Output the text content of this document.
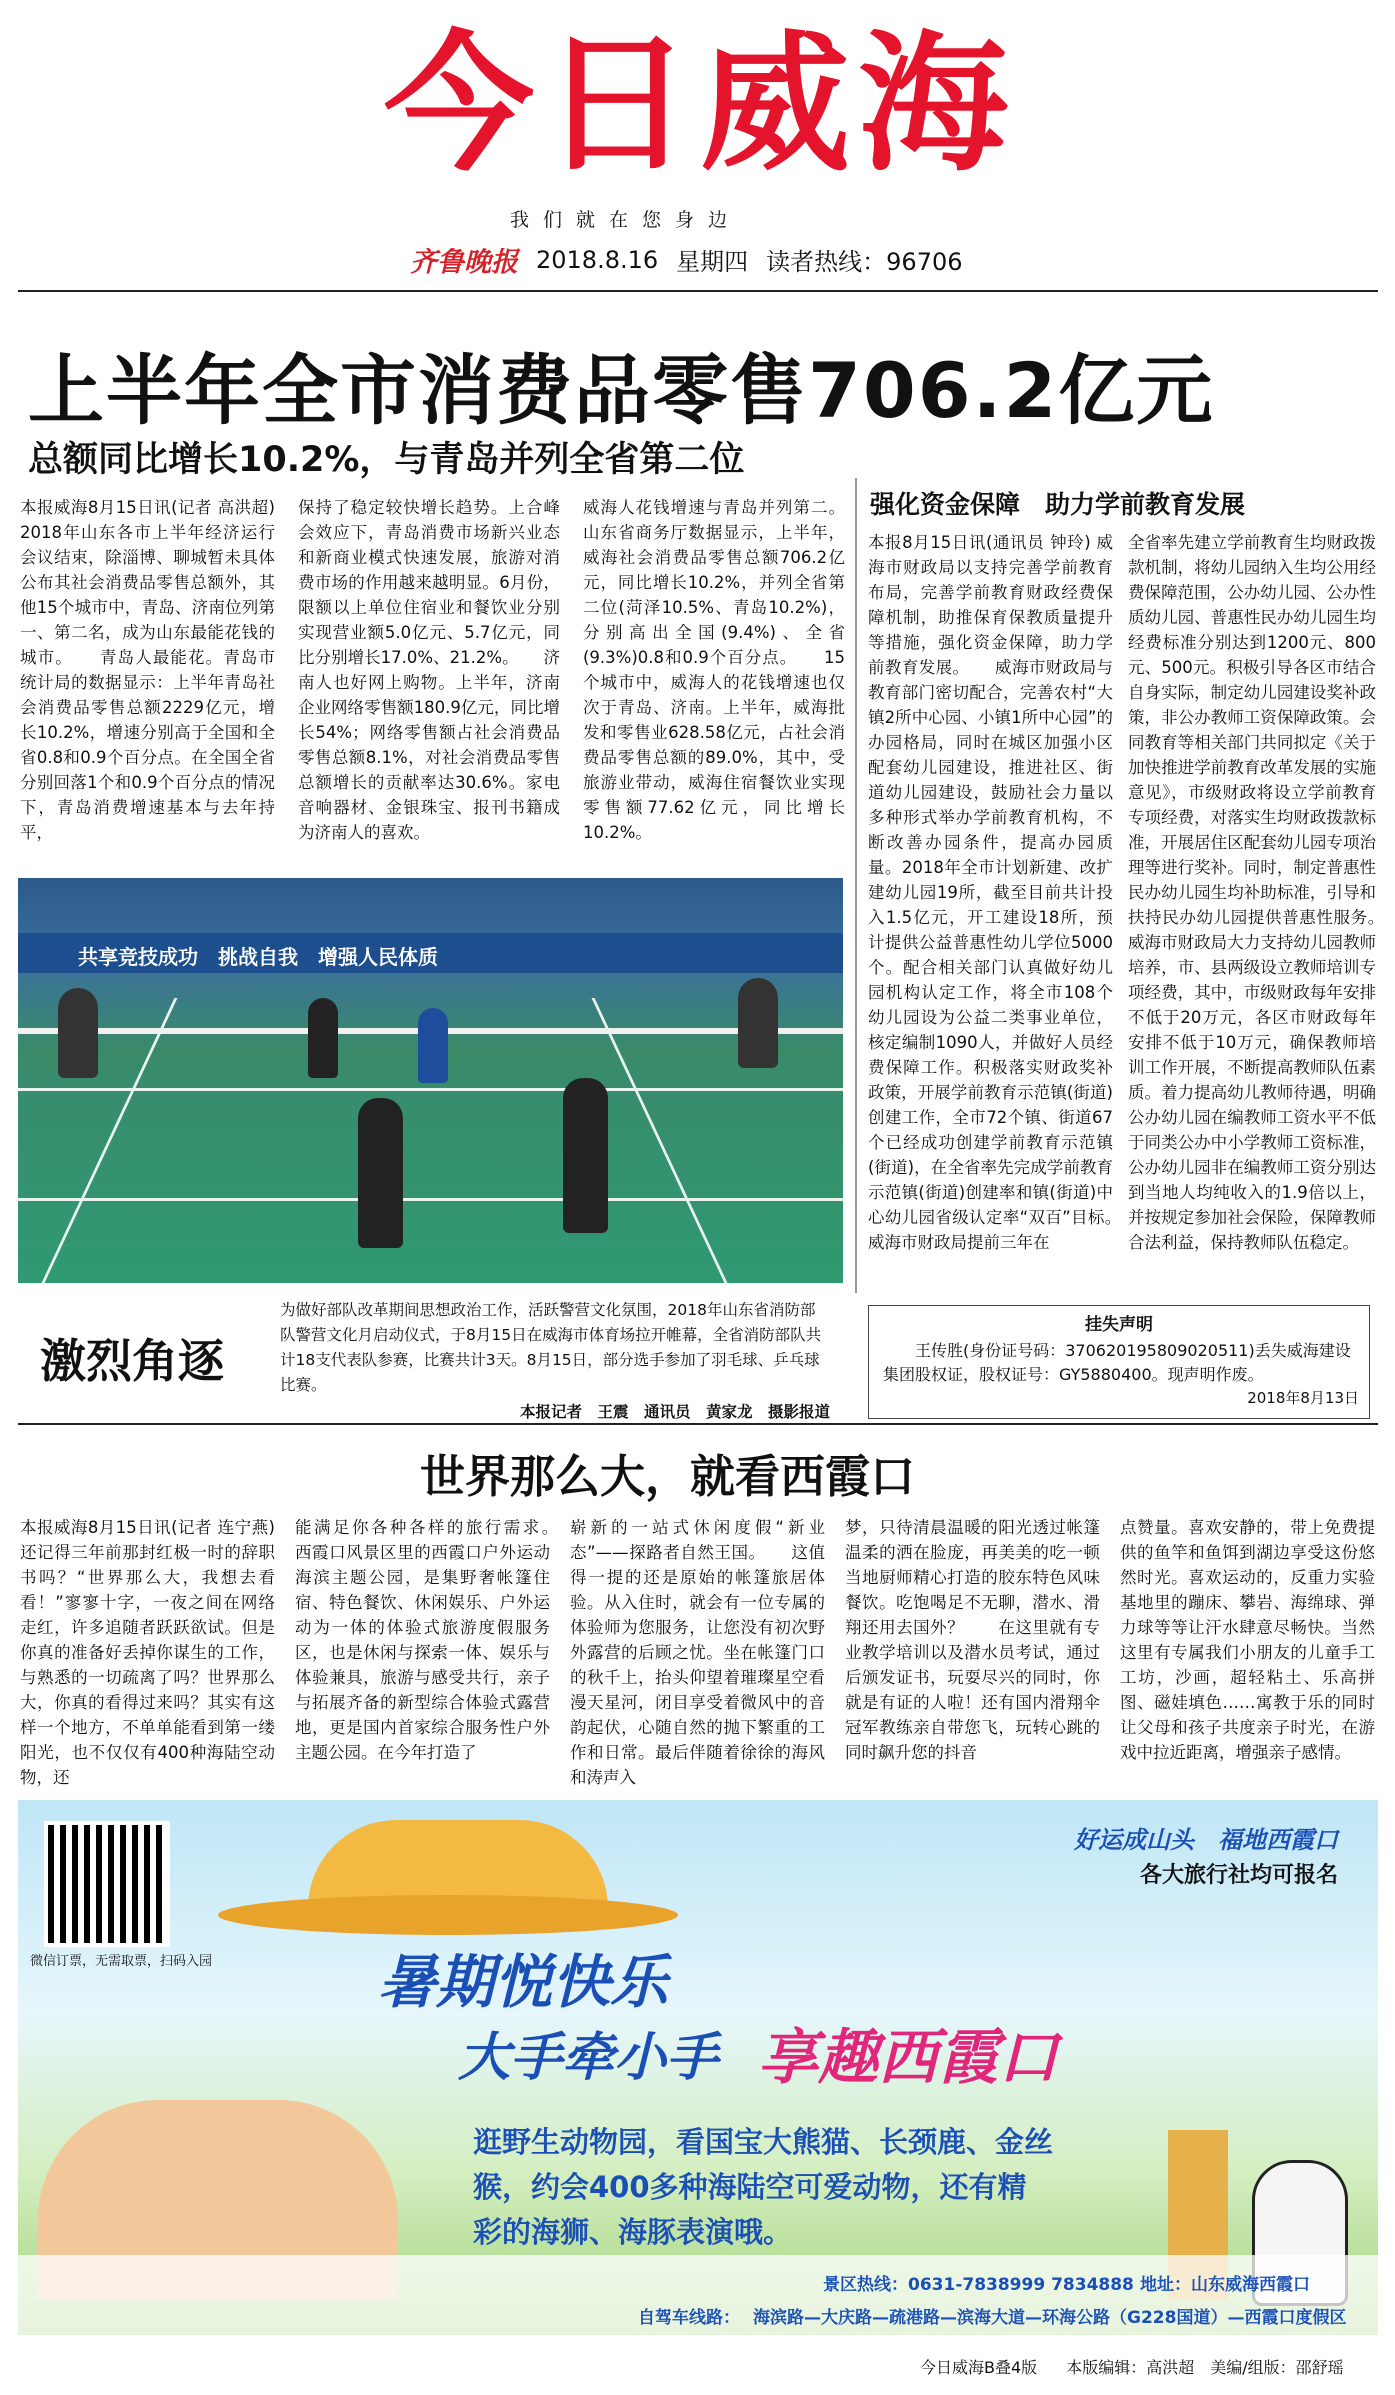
今日威海
我们就在您身边
齐鲁晚报 2018.8.16 星期四 读者热线：96706
上半年全市消费品零售706.2亿元
总额同比增长10.2%，与青岛并列全省第二位

本报威海8月15日讯(记者 高洪超) 2018年山东各市上半年经济运行会议结束，除淄博、聊城暂未具体公布其社会消费品零售总额外，其他15个城市中，青岛、济南位列第一、第二名，成为山东最能花钱的城市。　　青岛人最能花。青岛市统计局的数据显示：上半年青岛社会消费品零售总额2229亿元，增长10.2%，增速分别高于全国和全省0.8和0.9个百分点。在全国全省分别回落1个和0.9个百分点的情况下，青岛消费增速基本与去年持平，

保持了稳定较快增长趋势。上合峰会效应下，青岛消费市场新兴业态和新商业模式快速发展，旅游对消费市场的作用越来越明显。6月份，限额以上单位住宿业和餐饮业分别实现营业额5.0亿元、5.7亿元，同比分别增长17.0%、21.2%。　　济南人也好网上购物。上半年，济南企业网络零售额180.9亿元，同比增长54%；网络零售额占社会消费品零售总额8.1%，对社会消费品零售总额增长的贡献率达30.6%。家电音响器材、金银珠宝、报刊书籍成为济南人的喜欢。

威海人花钱增速与青岛并列第二。山东省商务厅数据显示，上半年，威海社会消费品零售总额706.2亿元，同比增长10.2%，并列全省第二位(菏泽10.5%、青岛10.2%)，分别高出全国(9.4%)、全省(9.3%)0.8和0.9个百分点。　　15个城市中，威海人的花钱增速也仅次于青岛、济南。上半年，威海批发和零售业628.58亿元，占社会消费品零售总额的89.0%，其中，受旅游业带动，威海住宿餐饮业实现零售额77.62亿元，同比增长10.2%。

强化资金保障　助力学前教育发展

本报8月15日讯(通讯员 钟玲) 威海市财政局以支持完善学前教育布局，完善学前教育财政经费保障机制，助推保育保教质量提升等措施，强化资金保障，助力学前教育发展。　　威海市财政局与教育部门密切配合，完善农村“大镇2所中心园、小镇1所中心园”的办园格局，同时在城区加强小区配套幼儿园建设，推进社区、街道幼儿园建设，鼓励社会力量以多种形式举办学前教育机构，不断改善办园条件，提高办园质量。2018年全市计划新建、改扩建幼儿园19所，截至目前共计投入1.5亿元，开工建设18所，预计提供公益普惠性幼儿学位5000个。配合相关部门认真做好幼儿园机构认定工作，将全市108个幼儿园设为公益二类事业单位，核定编制1090人，并做好人员经费保障工作。积极落实财政奖补政策，开展学前教育示范镇(街道)创建工作，全市72个镇、街道67个已经成功创建学前教育示范镇(街道)，在全省率先完成学前教育示范镇(街道)创建率和镇(街道)中心幼儿园省级认定率“双百”目标。　　威海市财政局提前三年在

全省率先建立学前教育生均财政拨款机制，将幼儿园纳入生均公用经费保障范围，公办幼儿园、公办性质幼儿园、普惠性民办幼儿园生均经费标准分别达到1200元、800元、500元。积极引导各区市结合自身实际，制定幼儿园建设奖补政策，非公办教师工资保障政策。会同教育等相关部门共同拟定《关于加快推进学前教育改革发展的实施意见》，市级财政将设立学前教育专项经费，对落实生均财政拨款标准，开展居住区配套幼儿园专项治理等进行奖补。同时，制定普惠性民办幼儿园生均补助标准，引导和扶持民办幼儿园提供普惠性服务。　　威海市财政局大力支持幼儿园教师培养，市、县两级设立教师培训专项经费，其中，市级财政每年安排不低于20万元，各区市财政每年安排不低于10万元，确保教师培训工作开展，不断提高教师队伍素质。着力提高幼儿教师待遇，明确公办幼儿园在编教师工资水平不低于同类公办中小学教师工资标准，公办幼儿园非在编教师工资分别达到当地人均纯收入的1.9倍以上，并按规定参加社会保险，保障教师合法利益，保持教师队伍稳定。

共享竞技成功　挑战自我　增强人民体质
激烈角逐
为做好部队改革期间思想政治工作，活跃警营文化氛围，2018年山东省消防部队警营文化月启动仪式，于8月15日在威海市体育场拉开帷幕，全省消防部队共计18支代表队参赛，比赛共计3天。8月15日，部分选手参加了羽毛球、乒乓球比赛。
本报记者　王震　通讯员　黄家龙　摄影报道
挂失声明
王传胜(身份证号码：370620195809020511)丢失威海建设集团股权证，股权证号：GY5880400。现声明作废。
2018年8月13日
世界那么大，就看西霞口

本报威海8月15日讯(记者 连宁燕) 还记得三年前那封红极一时的辞职书吗？“世界那么大，我想去看看！”寥寥十字，一夜之间在网络走红，许多追随者跃跃欲试。但是你真的准备好丢掉你谋生的工作，与熟悉的一切疏离了吗？世界那么大，你真的看得过来吗？其实有这样一个地方，不单单能看到第一缕阳光，也不仅仅有400种海陆空动物，还

能满足你各种各样的旅行需求。　　西霞口风景区里的西霞口户外运动海滨主题公园，是集野奢帐篷住宿、特色餐饮、休闲娱乐、户外运动为一体的体验式旅游度假服务区，也是休闲与探索一体、娱乐与体验兼具，旅游与感受共行，亲子与拓展齐备的新型综合体验式露营地，更是国内首家综合服务性户外主题公园。在今年打造了

崭新的一站式休闲度假“新业态”——探路者自然王国。　　这值得一提的还是原始的帐篷旅居体验。从入住时，就会有一位专属的体验师为您服务，让您没有初次野外露营的后顾之忧。坐在帐篷门口的秋千上，抬头仰望着璀璨星空看漫天星河，闭目享受着微风中的音韵起伏，心随自然的抛下繁重的工作和日常。最后伴随着徐徐的海风和涛声入

梦，只待清晨温暖的阳光透过帐篷温柔的洒在脸庞，再美美的吃一顿当地厨师精心打造的胶东特色风味餐饮。吃饱喝足不无聊，潜水、滑翔还用去国外？　　在这里就有专业教学培训以及潜水员考试，通过后颁发证书，玩耍尽兴的同时，你就是有证的人啦！还有国内滑翔伞冠军教练亲自带您飞，玩转心跳的同时飙升您的抖音

点赞量。喜欢安静的，带上免费提供的鱼竿和鱼饵到湖边享受这份悠然时光。喜欢运动的，反重力实验基地里的蹦床、攀岩、海绵球、弹力球等等让汗水肆意尽畅快。当然这里有专属我们小朋友的儿童手工工坊，沙画，超轻粘土、乐高拼图、磁娃填色……寓教于乐的同时让父母和孩子共度亲子时光，在游戏中拉近距离，增强亲子感情。

微信订票，无需取票，扫码入园
好运成山头　福地西霞口
各大旅行社均可报名
暑期悦快乐
大手牵小手 享趣西霞口
逛野生动物园，看国宝大熊猫、长颈鹿、金丝猴，约会400多种海陆空可爱动物，还有精彩的海狮、海豚表演哦。
景区热线：0631-7838999 7834888 地址：山东威海西霞口
自驾车线路： 海滨路—大庆路—疏港路—滨海大道—环海公路（G228国道）—西霞口度假区
今日威海B叠4版 本版编辑：高洪超　美编/组版：邵舒瑶
